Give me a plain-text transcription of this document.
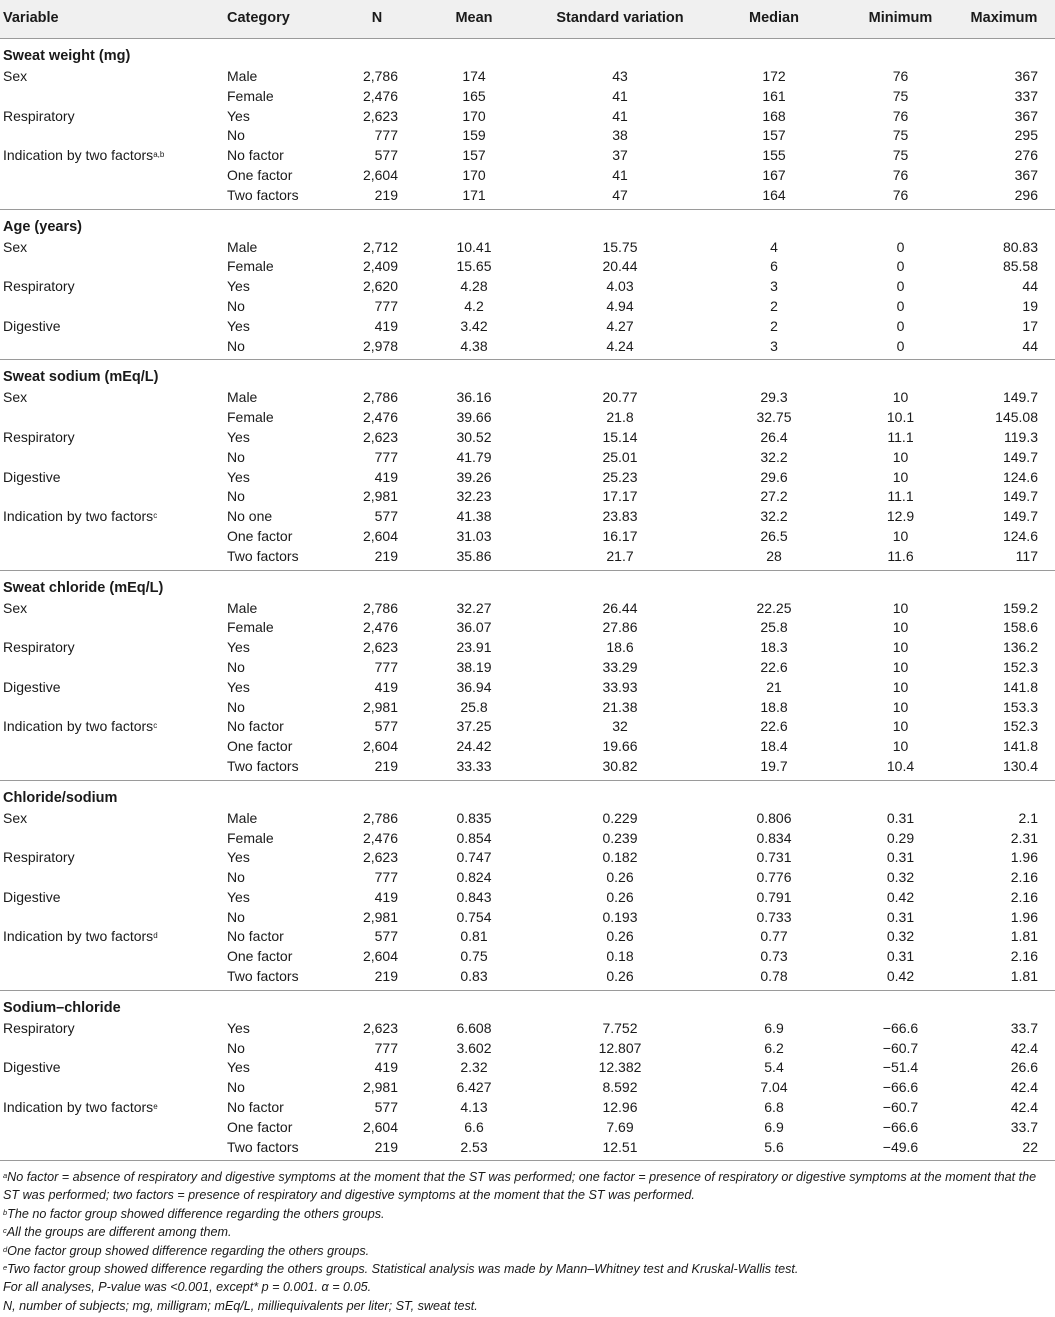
Variable	Category	N	Mean	Standard variation	Median	Minimum	Maximum
Sweat weight (mg)							
Sex	Male	2,786	174	43	172	76	367
	Female	2,476	165	41	161	75	337
Respiratory	Yes	2,623	170	41	168	76	367
	No	777	159	38	157	75	295
Indication by two factors$^{a,b}$	No factor	577	157	37	155	75	276
	One factor	2,604	170	41	167	76	367
	Two factors	219	171	47	164	76	296
Age (years)							
Sex	Male	2,712	10.41	15.75	4	0	80.83
	Female	2,409	15.65	20.44	6	0	85.58
Respiratory	Yes	2,620	4.28	4.03	3	0	44
	No	777	4.2	4.94	2	0	19
Digestive	Yes	419	3.42	4.27	2	0	17
	No	2,978	4.38	4.24	3	0	44
Sweat sodium (mEq/L)							
Sex	Male	2,786	36.16	20.77	29.3	10	149.7
	Female	2,476	39.66	21.8	32.75	10.1	145.08
Respiratory	Yes	2,623	30.52	15.14	26.4	11.1	119.3
	No	777	41.79	25.01	32.2	10	149.7
Digestive	Yes	419	39.26	25.23	29.6	10	124.6
	No	2,981	32.23	17.17	27.2	11.1	149.7
Indication by two factors$^c$	No one	577	41.38	23.83	32.2	12.9	149.7
	One factor	2,604	31.03	16.17	26.5	10	124.6
	Two factors	219	35.86	21.7	28	11.6	117
Sweat chloride (mEq/L)							
Sex	Male	2,786	32.27	26.44	22.25	10	159.2
	Female	2,476	36.07	27.86	25.8	10	158.6
Respiratory	Yes	2,623	23.91	18.6	18.3	10	136.2
	No	777	38.19	33.29	22.6	10	152.3
Digestive	Yes	419	36.94	33.93	21	10	141.8
	No	2,981	25.8	21.38	18.8	10	153.3
Indication by two factors$^c$	No factor	577	37.25	32	22.6	10	152.3
	One factor	2,604	24.42	19.66	18.4	10	141.8
	Two factors	219	33.33	30.82	19.7	10.4	130.4
Chloride/sodium							
Sex	Male	2,786	0.835	0.229	0.806	0.31	2.1
	Female	2,476	0.854	0.239	0.834	0.29	2.31
Respiratory	Yes	2,623	0.747	0.182	0.731	0.31	1.96
	No	777	0.824	0.26	0.776	0.32	2.16
Digestive	Yes	419	0.843	0.26	0.791	0.42	2.16
	No	2,981	0.754	0.193	0.733	0.31	1.96
Indication by two factors$^d$	No factor	577	0.81	0.26	0.77	0.32	1.81
	One factor	2,604	0.75	0.18	0.73	0.31	2.16
	Two factors	219	0.83	0.26	0.78	0.42	1.81
Sodium–chloride							
Respiratory	Yes	2,623	6.608	7.752	6.9	−66.6	33.7
	No	777	3.602	12.807	6.2	−60.7	42.4
Digestive	Yes	419	2.32	12.382	5.4	−51.4	26.6
	No	2,981	6.427	8.592	7.04	−66.6	42.4
Indication by two factors$^e$	No factor	577	4.13	12.96	6.8	−60.7	42.4
	One factor	2,604	6.6	7.69	6.9	−66.6	33.7
	Two factors	219	2.53	12.51	5.6	−49.6	22

$^a$No factor = absence of respiratory and digestive symptoms at the moment that the ST was performed; one factor = presence of respiratory or digestive symptoms at the moment that the ST was performed; two factors = presence of respiratory and digestive symptoms at the moment that the ST was performed.

$^b$The no factor group showed difference regarding the others groups.

$^c$All the groups are different among them.

$^d$One factor group showed difference regarding the others groups.

$^e$Two factor group showed difference regarding the others groups. Statistical analysis was made by Mann–Whitney test and Kruskal-Wallis test.

For all analyses, P-value was <0.001, except* p = 0.001. α = 0.05.

N, number of subjects; mg, milligram; mEq/L, milliequivalents per liter; ST, sweat test.
